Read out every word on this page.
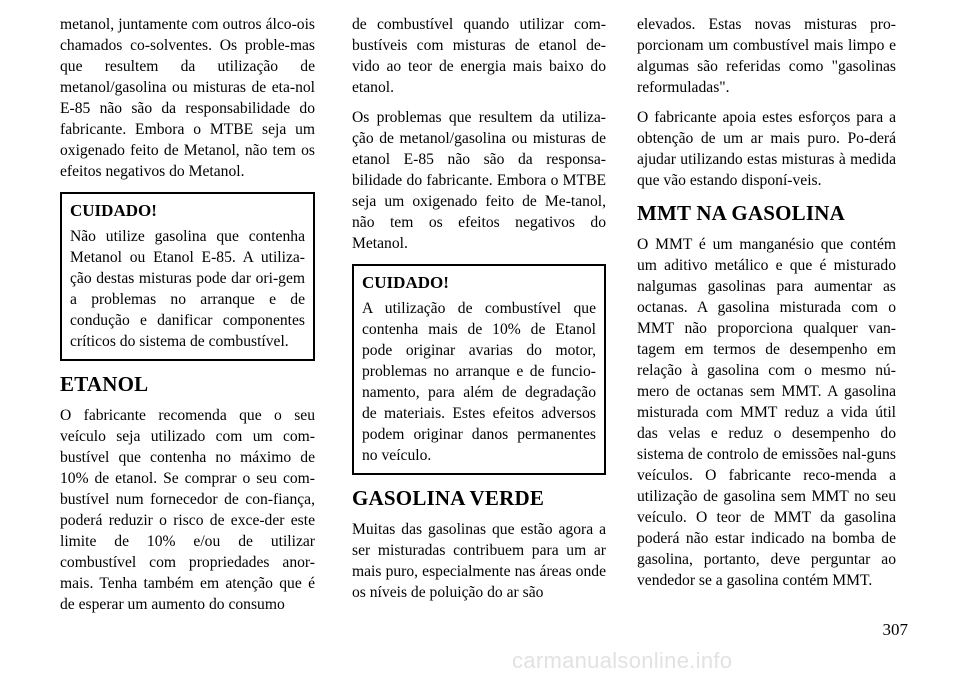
metanol, juntamente com outros álco-ois chamados co-solventes. Os proble-mas que resultem da utilização de metanol/gasolina ou misturas de eta-nol E-85 não são da responsabilidade do fabricante. Embora o MTBE seja um oxigenado feito de Metanol, não tem os efeitos negativos do Metanol.

CUIDADO!

Não utilize gasolina que contenha Metanol ou Etanol E-85. A utiliza-ção destas misturas pode dar ori-gem a problemas no arranque e de condução e danificar componentes críticos do sistema de combustível.

ETANOL

O fabricante recomenda que o seu veículo seja utilizado com um com-bustível que contenha no máximo de 10% de etanol. Se comprar o seu com-bustível num fornecedor de con-fiança, poderá reduzir o risco de exce-der este limite de 10% e/ou de utilizar combustível com propriedades anor-mais. Tenha também em atenção que é de esperar um aumento do consumo

de combustível quando utilizar com-bustíveis com misturas de etanol de-vido ao teor de energia mais baixo do etanol.

Os problemas que resultem da utiliza-ção de metanol/gasolina ou misturas de etanol E-85 não são da responsa-bilidade do fabricante. Embora o MTBE seja um oxigenado feito de Me-tanol, não tem os efeitos negativos do Metanol.

CUIDADO!

A utilização de combustível que contenha mais de 10% de Etanol pode originar avarias do motor, problemas no arranque e de funcio-namento, para além de degradação de materiais. Estes efeitos adversos podem originar danos permanentes no veículo.

GASOLINA VERDE

Muitas das gasolinas que estão agora a ser misturadas contribuem para um ar mais puro, especialmente nas áreas onde os níveis de poluição do ar são

elevados. Estas novas misturas pro-porcionam um combustível mais limpo e algumas são referidas como "gasolinas reformuladas".

O fabricante apoia estes esforços para a obtenção de um ar mais puro. Po-derá ajudar utilizando estas misturas à medida que vão estando disponí-veis.

MMT NA GASOLINA

O MMT é um manganésio que contém um aditivo metálico e que é misturado nalgumas gasolinas para aumentar as octanas. A gasolina misturada com o MMT não proporciona qualquer van-tagem em termos de desempenho em relação à gasolina com o mesmo nú-mero de octanas sem MMT. A gasolina misturada com MMT reduz a vida útil das velas e reduz o desempenho do sistema de controlo de emissões nal-guns veículos. O fabricante reco-menda a utilização de gasolina sem MMT no seu veículo. O teor de MMT da gasolina poderá não estar indicado na bomba de gasolina, portanto, deve perguntar ao vendedor se a gasolina contém MMT.

307
carmanualsonline.info
